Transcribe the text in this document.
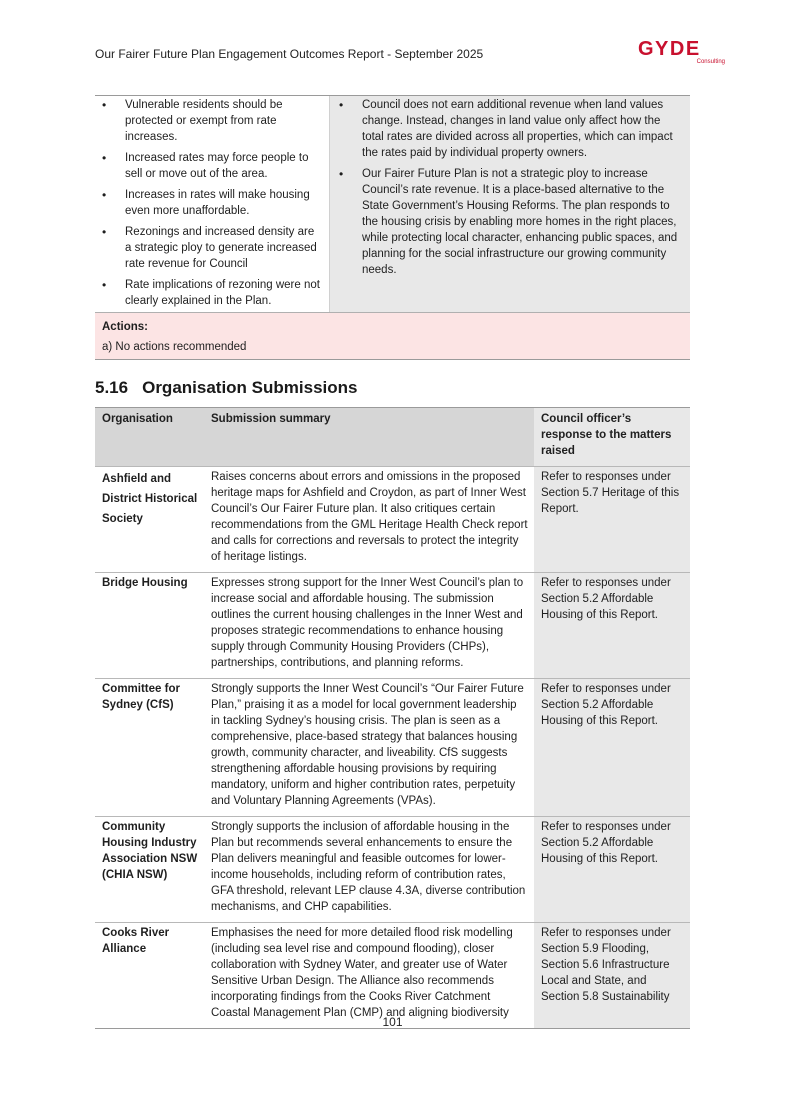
Our Fairer Future Plan Engagement Outcomes Report - September 2025	GYDE
Consulting
• Vulnerable residents should be protected or exempt from rate increases.
• Increased rates may force people to sell or move out of the area.
• Increases in rates will make housing even more unaffordable.
• Rezonings and increased density are a strategic ploy to generate increased rate revenue for Council
• Rate implications of rezoning were not clearly explained in the Plan.

• Council does not earn additional revenue when land values change. Instead, changes in land value only affect how the total rates are divided across all properties, which can impact the rates paid by individual property owners.
• Our Fairer Future Plan is not a strategic ploy to increase Council’s rate revenue. It is a place-based alternative to the State Government’s Housing Reforms. The plan responds to the housing crisis by enabling more homes in the right places, while protecting local character, enhancing public spaces, and planning for the social infrastructure our growing community needs.
Actions:
a) No actions recommended
5.16 Organisation Submissions
Organisation	Submission summary	Council officer’s response to the matters raised

Ashfield and District Historical Society	Raises concerns about errors and omissions in the proposed heritage maps for Ashfield and Croydon, as part of Inner West Council’s Our Fairer Future plan. It also critiques certain recommendations from the GML Heritage Health Check report and calls for corrections and reversals to protect the integrity of heritage listings.	Refer to responses under Section 5.7 Heritage of this Report.
Bridge Housing	Expresses strong support for the Inner West Council’s plan to increase social and affordable housing. The submission outlines the current housing challenges in the Inner West and proposes strategic recommendations to enhance housing supply through Community Housing Providers (CHPs), partnerships, contributions, and planning reforms.	Refer to responses under Section 5.2 Affordable Housing of this Report.
Committee for Sydney (CfS)	Strongly supports the Inner West Council’s “Our Fairer Future Plan,” praising it as a model for local government leadership in tackling Sydney’s housing crisis. The plan is seen as a comprehensive, place-based strategy that balances housing growth, community character, and liveability. CfS suggests strengthening affordable housing provisions by requiring mandatory, uniform and higher contribution rates, perpetuity and Voluntary Planning Agreements (VPAs).	Refer to responses under Section 5.2 Affordable Housing of this Report.
Community Housing Industry Association NSW (CHIA NSW)	Strongly supports the inclusion of affordable housing in the Plan but recommends several enhancements to ensure the Plan delivers meaningful and feasible outcomes for lower-income households, including reform of contribution rates, GFA threshold, relevant LEP clause 4.3A, diverse contribution mechanisms, and CHP capabilities.	Refer to responses under Section 5.2 Affordable Housing of this Report.
Cooks River Alliance	Emphasises the need for more detailed flood risk modelling (including sea level rise and compound flooding), closer collaboration with Sydney Water, and greater use of Water Sensitive Urban Design. The Alliance also recommends incorporating findings from the Cooks River Catchment Coastal Management Plan (CMP) and aligning biodiversity	Refer to responses under Section 5.9 Flooding, Section 5.6 Infrastructure Local and State, and Section 5.8 Sustainability
101
